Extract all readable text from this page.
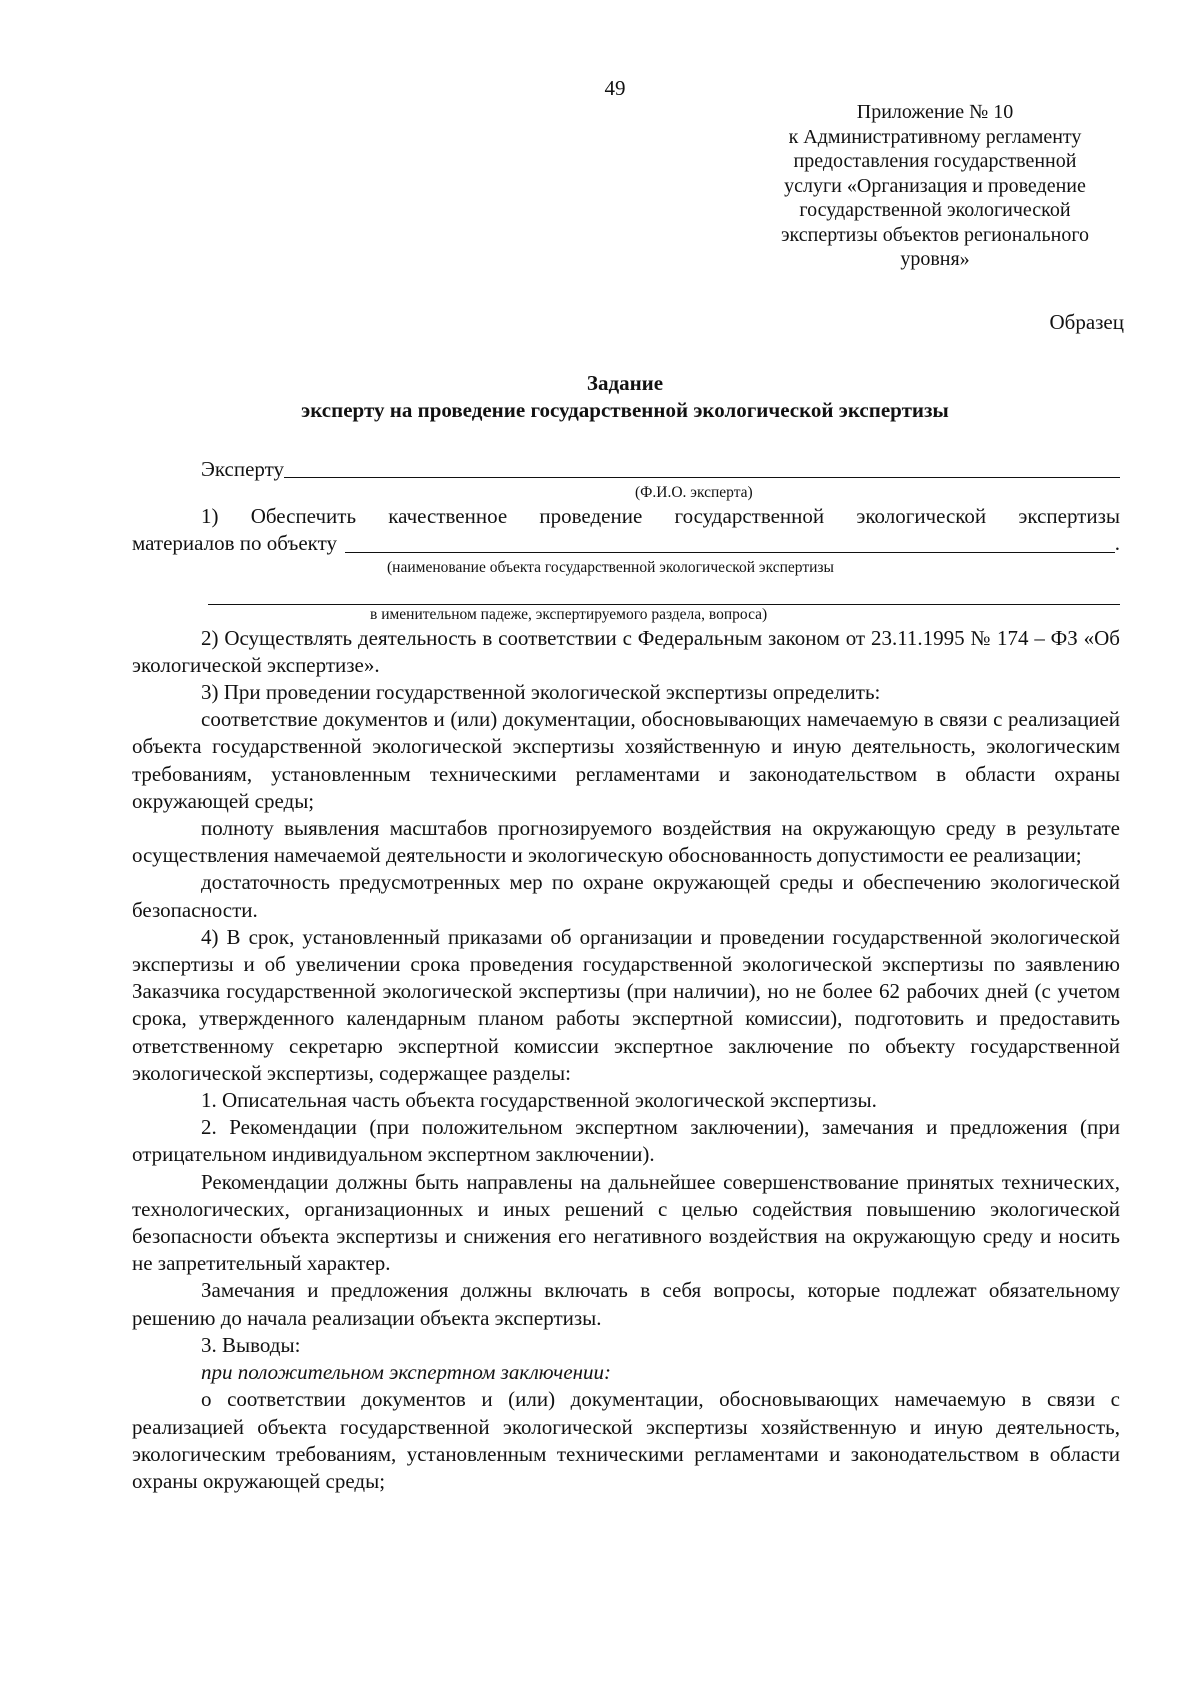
49
Приложение № 10
к Административному регламенту
предоставления государственной
услуги «Организация и проведение
государственной экологической
экспертизы объектов регионального
уровня»
Образец
Задание
эксперту на проведение государственной экологической экспертизы
Эксперту

(Ф.И.О. эксперта)

1) Обеспечить качественное проведение государственной экологической экспертизы

материалов по объекту	.

(наименование объекта государственной экологической экспертизы

в именительном падеже, экспертируемого раздела, вопроса)

2) Осуществлять деятельность в соответствии с Федеральным законом от 23.11.1995 № 174 – ФЗ «Об экологической экспертизе».

3) При проведении государственной экологической экспертизы определить:

соответствие документов и (или) документации, обосновывающих намечаемую в связи с реализацией объекта государственной экологической экспертизы хозяйственную и иную деятельность, экологическим требованиям, установленным техническими регламентами и законодательством в области охраны окружающей среды;

полноту выявления масштабов прогнозируемого воздействия на окружающую среду в результате осуществления намечаемой деятельности и экологическую обоснованность допустимости ее реализации;

достаточность предусмотренных мер по охране окружающей среды и обеспечению экологической безопасности.

4) В срок, установленный приказами об организации и проведении государственной экологической экспертизы и об увеличении срока проведения государственной экологической экспертизы по заявлению Заказчика государственной экологической экспертизы (при наличии), но не более 62 рабочих дней (с учетом срока, утвержденного календарным планом работы экспертной комиссии), подготовить и предоставить ответственному секретарю экспертной комиссии экспертное заключение по объекту государственной экологической экспертизы, содержащее разделы:

1. Описательная часть объекта государственной экологической экспертизы.

2. Рекомендации (при положительном экспертном заключении), замечания и предложения (при отрицательном индивидуальном экспертном заключении).

Рекомендации должны быть направлены на дальнейшее совершенствование принятых технических, технологических, организационных и иных решений с целью содействия повышению экологической безопасности объекта экспертизы и снижения его негативного воздействия на окружающую среду и носить не запретительный характер.

Замечания и предложения должны включать в себя вопросы, которые подлежат обязательному решению до начала реализации объекта экспертизы.

3. Выводы:

при положительном экспертном заключении:

о соответствии документов и (или) документации, обосновывающих намечаемую в связи с реализацией объекта государственной экологической экспертизы хозяйственную и иную деятельность, экологическим требованиям, установленным техническими регламентами и законодательством в области охраны окружающей среды;
